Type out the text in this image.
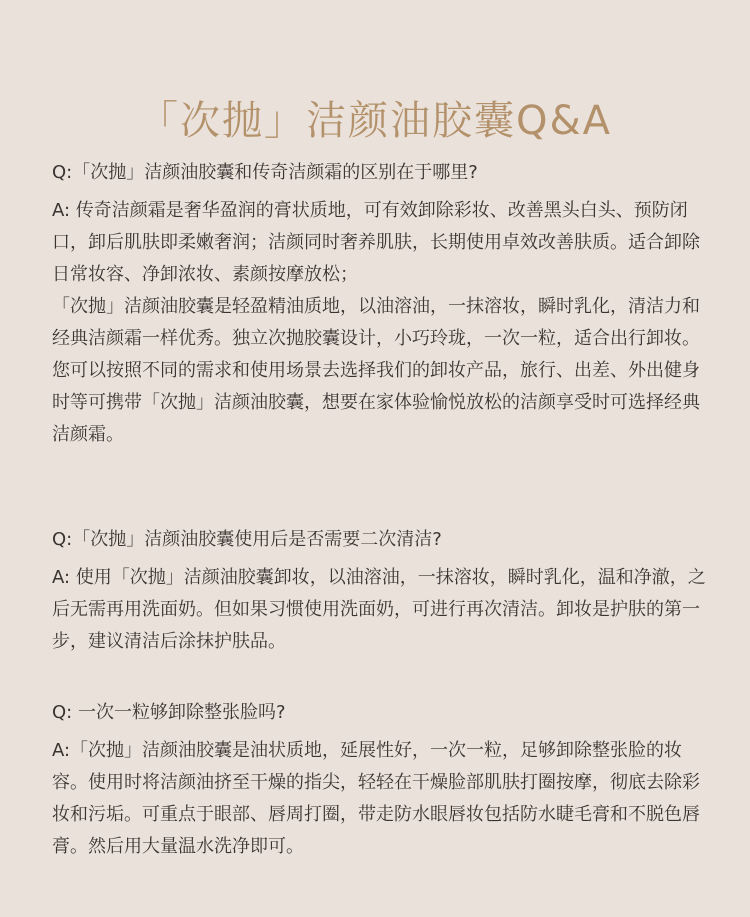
「次抛」洁颜油胶囊Q&A
Q:「次抛」洁颜油胶囊和传奇洁颜霜的区别在于哪里?

A: 传奇洁颜霜是奢华盈润的膏状质地，可有效卸除彩妆、改善黑头白头、预防闭口，卸后肌肤即柔嫩奢润；洁颜同时奢养肌肤，长期使用卓效改善肤质。适合卸除日常妆容、净卸浓妆、素颜按摩放松；

「次抛」洁颜油胶囊是轻盈精油质地，以油溶油，一抹溶妆，瞬时乳化，清洁力和经典洁颜霜一样优秀。独立次抛胶囊设计，小巧玲珑，一次一粒，适合出行卸妆。

您可以按照不同的需求和使用场景去选择我们的卸妆产品，旅行、出差、外出健身时等可携带「次抛」洁颜油胶囊，想要在家体验愉悦放松的洁颜享受时可选择经典洁颜霜。

Q:「次抛」洁颜油胶囊使用后是否需要二次清洁?

A: 使用「次抛」洁颜油胶囊卸妆，以油溶油，一抹溶妆，瞬时乳化，温和净澈，之后无需再用洗面奶。但如果习惯使用洗面奶，可进行再次清洁。卸妆是护肤的第一步，建议清洁后涂抹护肤品。

Q: 一次一粒够卸除整张脸吗?

A:「次抛」洁颜油胶囊是油状质地，延展性好，一次一粒，足够卸除整张脸的妆容。使用时将洁颜油挤至干燥的指尖，轻轻在干燥脸部肌肤打圈按摩，彻底去除彩妆和污垢。可重点于眼部、唇周打圈，带走防水眼唇妆包括防水睫毛膏和不脱色唇膏。然后用大量温水洗净即可。
